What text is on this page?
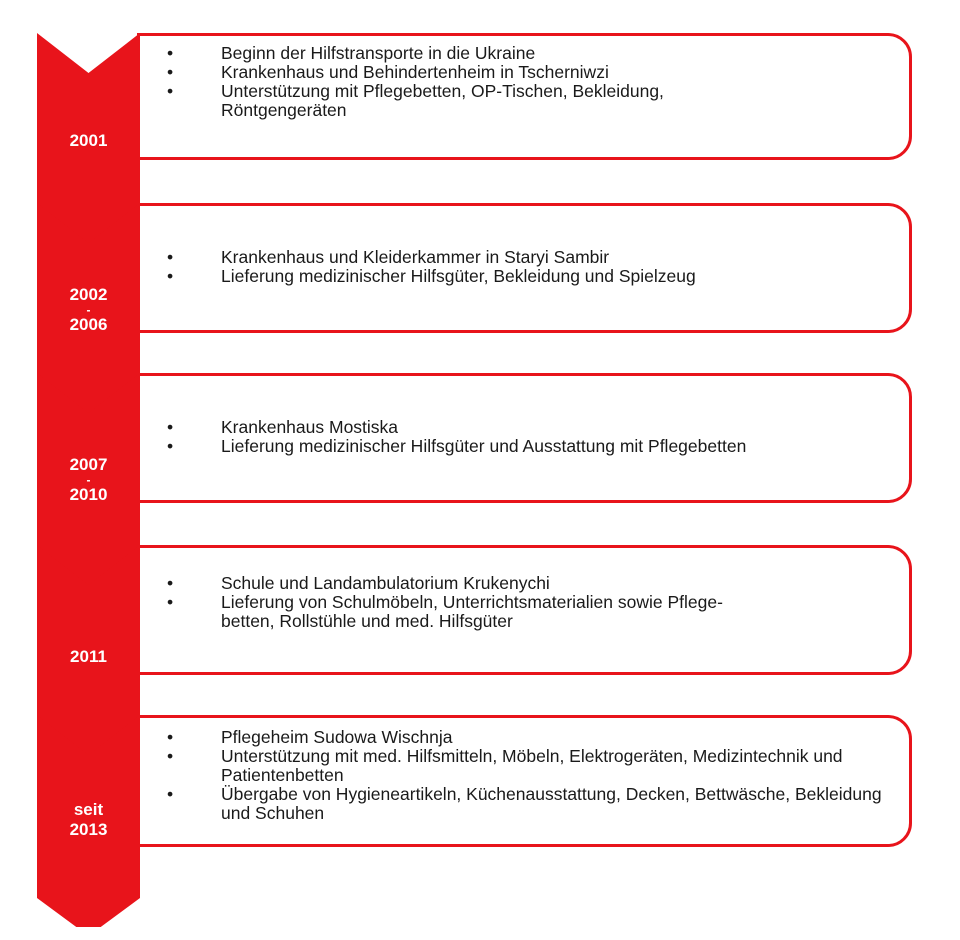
2001
• Beginn der Hilfstransporte in die Ukraine
• Krankenhaus und Behindertenheim in Tscherniwzi
• Unterstützung mit Pflegebetten, OP-Tischen, Bekleidung,
Röntgengeräten
2002
-
2006
• Krankenhaus und Kleiderkammer in Staryi Sambir
• Lieferung medizinischer Hilfsgüter, Bekleidung und Spielzeug
2007
-
2010
• Krankenhaus Mostiska
• Lieferung medizinischer Hilfsgüter und Ausstattung mit Pflegebetten
2011
• Schule und Landambulatorium Krukenychi
• Lieferung von Schulmöbeln, Unterrichtsmaterialien sowie Pflege-
betten, Rollstühle und med. Hilfsgüter
seit
2013
• Pflegeheim Sudowa Wischnja
• Unterstützung mit med. Hilfsmitteln, Möbeln, Elektrogeräten, Medizintechnik und Patientenbetten
• Übergabe von Hygieneartikeln, Küchenausstattung, Decken, Bettwäsche, Bekleidung und Schuhen
